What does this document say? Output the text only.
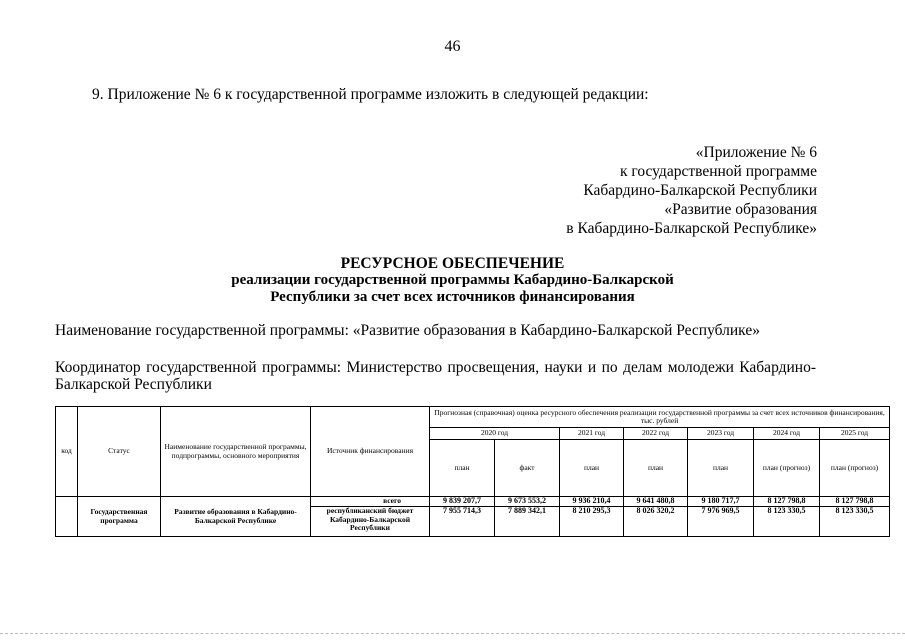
46
9. Приложение № 6 к государственной программе изложить в следующей редакции:
«Приложение № 6
к государственной программе
Кабардино-Балкарской Республики
«Развитие образования
в Кабардино-Балкарской Республике»
РЕСУРСНОЕ ОБЕСПЕЧЕНИЕ
реализации государственной программы Кабардино-Балкарской
Республики за счет всех источников финансирования
Наименование государственной программы: «Развитие образования в Кабардино-Балкарской Республике»
Координатор государственной программы: Министерство просвещения, науки и по делам молодежи Кабардино-Балкарской Республики
код	Статус	Наименование государственной программы, подпрограммы, основного мероприятия	Источник финансирования	Прогнозная (справочная) оценка ресурсного обеспечения реализации государственной программы за счет всех источников финансирования, тыс. рублей						
				2020 год		2021 год	2022 год	2023 год	2024 год	2025 год
				план	факт	план	план	план	план (прогноз)	план (прогноз)
	Государственная программа	Развитие образования в Кабардино-Балкарской Республике	всего	9 839 207,7	9 673 553,2	9 936 210,4	9 641 480,8	9 180 717,7	8 127 798,8	8 127 798,8
			республиканский бюджет Кабардино-Балкарской Республики	7 955 714,3	7 889 342,1	8 210 295,3	8 026 320,2	7 976 969,5	8 123 330,5	8 123 330,5
